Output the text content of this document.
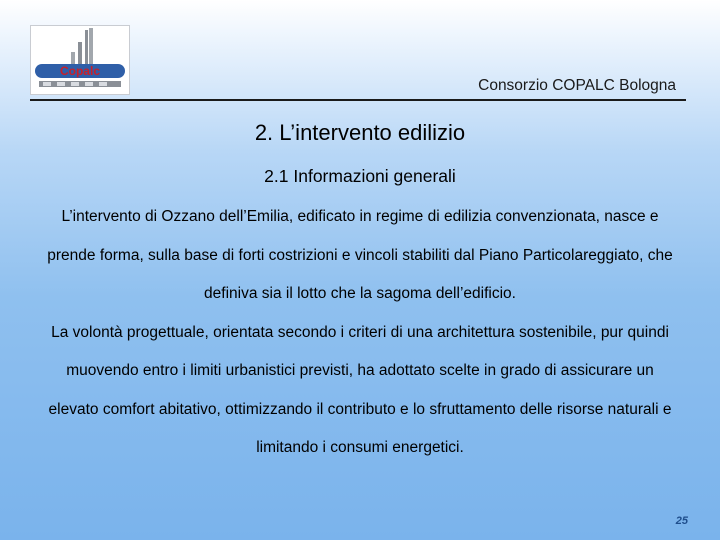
Copalc
Consorzio COPALC Bologna
2. L’intervento edilizio
2.1 Informazioni generali

L’intervento di Ozzano dell’Emilia, edificato in regime di edilizia convenzionata, nasce e prende forma, sulla base di forti costrizioni e vincoli stabiliti dal Piano Particolareggiato, che definiva sia il lotto che la sagoma dell’edificio.

La volontà progettuale, orientata secondo i criteri di una architettura sostenibile, pur quindi muovendo entro i limiti urbanistici previsti, ha adottato scelte in grado di assicurare un elevato comfort abitativo, ottimizzando il contributo e lo sfruttamento delle risorse naturali e limitando i consumi energetici.

25
